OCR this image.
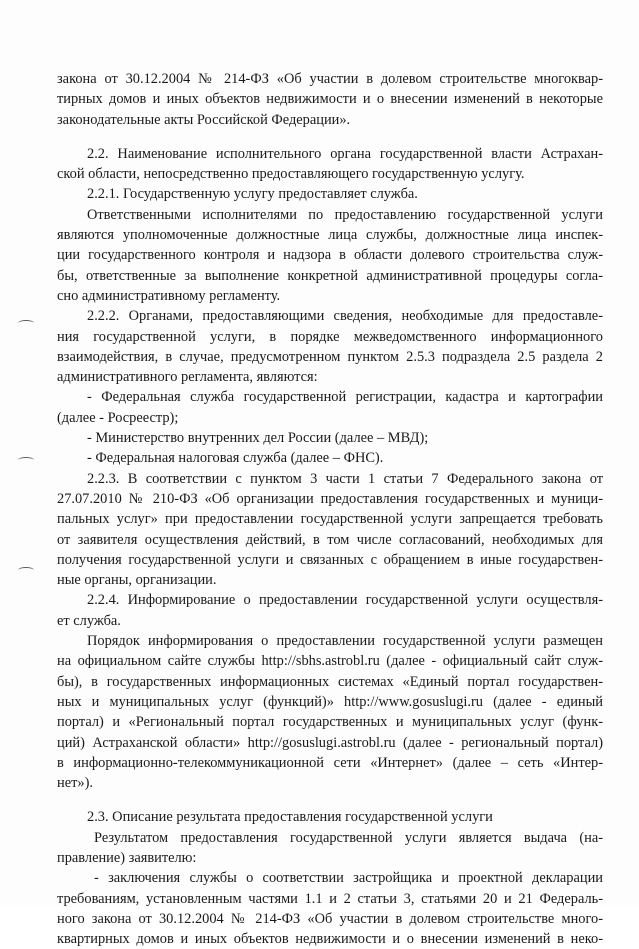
закона от 30.12.2004 № 214-ФЗ «Об участии в долевом строительстве многоквар-
тирных домов и иных объектов недвижимости и о внесении изменений в некоторые
законодательные акты Российской Федерации».
2.2. Наименование исполнительного органа государственной власти Астрахан-
ской области, непосредственно предоставляющего государственную услугу.
2.2.1. Государственную услугу предоставляет служба.
Ответственными исполнителями по предоставлению государственной услуги
являются уполномоченные должностные лица службы, должностные лица инспек-
ции государственного контроля и надзора в области долевого строительства служ-
бы, ответственные за выполнение конкретной административной процедуры согла-
сно административному регламенту.
2.2.2. Органами, предоставляющими сведения, необходимые для предоставле-
ния государственной услуги, в порядке межведомственного информационного
взаимодействия, в случае, предусмотренном пунктом 2.5.3 подраздела 2.5 раздела 2
административного регламента, являются:
- Федеральная служба государственной регистрации, кадастра и картографии
(далее - Росреестр);
- Министерство внутренних дел России (далее – МВД);
- Федеральная налоговая служба (далее – ФНС).
2.2.3. В соответствии с пунктом 3 части 1 статьи 7 Федерального закона от
27.07.2010 № 210-ФЗ «Об организации предоставления государственных и муници-
пальных услуг» при предоставлении государственной услуги запрещается требовать
от заявителя осуществления действий, в том числе согласований, необходимых для
получения государственной услуги и связанных с обращением в иные государствен-
ные органы, организации.
2.2.4. Информирование о предоставлении государственной услуги осуществля-
ет служба.
Порядок информирования о предоставлении государственной услуги размещен
на официальном сайте службы http://sbhs.astrobl.ru (далее - официальный сайт служ-
бы), в государственных информационных системах «Единый портал государствен-
ных и муниципальных услуг (функций)» http://www.gosuslugi.ru (далее - единый
портал) и «Региональный портал государственных и муниципальных услуг (функ-
ций) Астраханской области» http://gosuslugi.astrobl.ru (далее - региональный портал)
в информационно-телекоммуникационной сети «Интернет» (далее – сеть «Интер-
нет»).
2.3. Описание результата предоставления государственной услуги
Результатом предоставления государственной услуги является выдача (на-
правление) заявителю:
- заключения службы о соответствии застройщика и проектной декларации
требованиям, установленным частями 1.1 и 2 статьи 3, статьями 20 и 21 Федераль-
ного закона от 30.12.2004 № 214-ФЗ «Об участии в долевом строительстве много-
квартирных домов и иных объектов недвижимости и о внесении изменений в неко-
